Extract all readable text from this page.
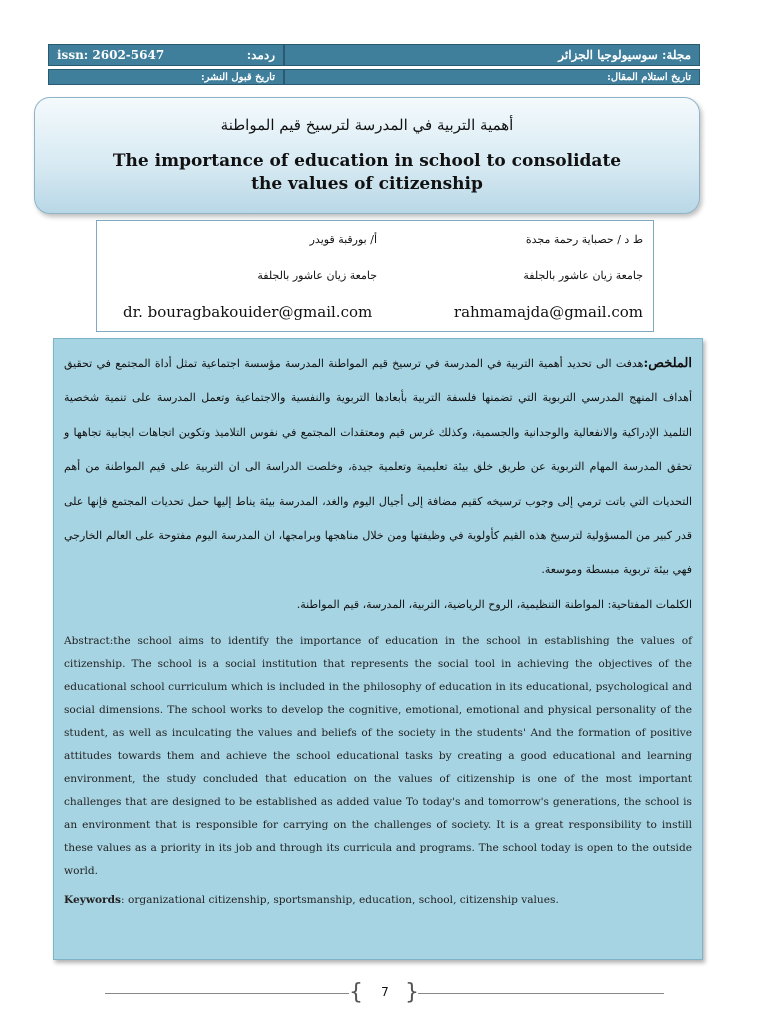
ردمد:
issn: 2602-5647	مجلة: سوسيولوجيا الجزائر
تاريخ قبول النشر:	تاريخ استلام المقال:
أهمية التربية في المدرسة لترسيخ قيم المواطنة
The importance of education in school to consolidate the values of citizenship
ط د / حصباية رحمة مجدة
جامعة زيان عاشور بالجلفة
rahmamajda@gmail.com
أ/ بورقبة قويدر
جامعة زيان عاشور بالجلفة
dr. bouragbakouider@gmail.com
الملخص:هدفت الى تحديد أهمية التربية في المدرسة في ترسيخ قيم المواطنة المدرسة مؤسسة اجتماعية تمثل أداة المجتمع في تحقيق أهداف المنهج المدرسي التربوية التي تضمنها فلسفة التربية بأبعادها التربوية والنفسية والاجتماعية وتعمل المدرسة على تنمية شخصية التلميذ الإدراكية والانفعالية والوجدانية والجسمية، وكذلك غرس قيم ومعتقدات المجتمع في نفوس التلاميذ وتكوين اتجاهات ايجابية تجاهها و تحقق المدرسة المهام التربوية عن طريق خلق بيئة تعليمية وتعلمية جيدة، وخلصت الدراسة الى ان التربية على قيم المواطنة من أهم التحديات التي باتت ترمي إلى وجوب ترسيخه كقيم مضافة إلى أجيال اليوم والغد، المدرسة بيئة يناط إليها حمل تحديات المجتمع فإنها على قدر كبير من المسؤولية لترسيخ هذه القيم كأولوية في وظيفتها ومن خلال مناهجها وبرامجها، ان المدرسة اليوم مفتوحة على العالم الخارجي فهي بيئة تربوية مبسطة وموسعة.
الكلمات المفتاحية: المواطنة التنظيمية، الروح الرياضية، التربية، المدرسة، قيم المواطنة.
Abstract:the school aims to identify the importance of education in the school in establishing the values of citizenship. The school is a social institution that represents the social tool in achieving the objectives of the educational school curriculum which is included in the philosophy of education in its educational, psychological and social dimensions. The school works to develop the cognitive, emotional, emotional and physical personality of the student, as well as inculcating the values and beliefs of the society in the students' And the formation of positive attitudes towards them and achieve the school educational tasks by creating a good educational and learning environment, the study concluded that education on the values of citizenship is one of the most important challenges that are designed to be established as added value To today's and tomorrow's generations, the school is an environment that is responsible for carrying on the challenges of society. It is a great responsibility to instill these values as a priority in its job and through its curricula and programs. The school today is open to the outside world.
Keywords: organizational citizenship, sportsmanship, education, school, citizenship values.
{ }
7
